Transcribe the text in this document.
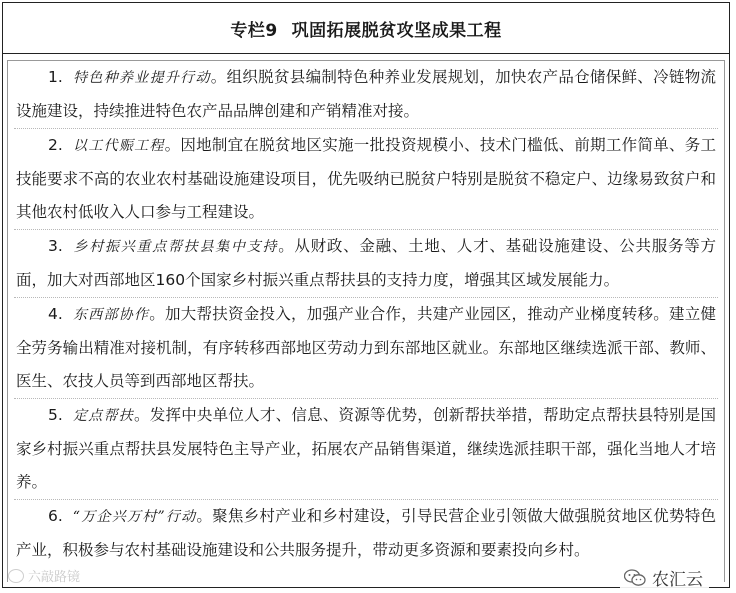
专栏9 巩固拓展脱贫攻坚成果工程
1. 特色种养业提升行动。组织脱贫县编制特色种养业发展规划，加快农产品仓储保鲜、冷链物流设施建设，持续推进特色农产品品牌创建和产销精准对接。
2. 以工代赈工程。因地制宜在脱贫地区实施一批投资规模小、技术门槛低、前期工作简单、务工技能要求不高的农业农村基础设施建设项目，优先吸纳已脱贫户特别是脱贫不稳定户、边缘易致贫户和其他农村低收入人口参与工程建设。
3. 乡村振兴重点帮扶县集中支持。从财政、金融、土地、人才、基础设施建设、公共服务等方面，加大对西部地区160个国家乡村振兴重点帮扶县的支持力度，增强其区域发展能力。
4. 东西部协作。加大帮扶资金投入，加强产业合作，共建产业园区，推动产业梯度转移。建立健全劳务输出精准对接机制，有序转移西部地区劳动力到东部地区就业。东部地区继续选派干部、教师、医生、农技人员等到西部地区帮扶。
5. 定点帮扶。发挥中央单位人才、信息、资源等优势，创新帮扶举措，帮助定点帮扶县特别是国家乡村振兴重点帮扶县发展特色主导产业，拓展农产品销售渠道，继续选派挂职干部，强化当地人才培养。
6. “万企兴万村”行动。聚焦乡村产业和乡村建设，引导民营企业引领做大做强脱贫地区优势特色产业，积极参与农村基础设施建设和公共服务提升，带动更多资源和要素投向乡村。
六敲路镜	农汇云
